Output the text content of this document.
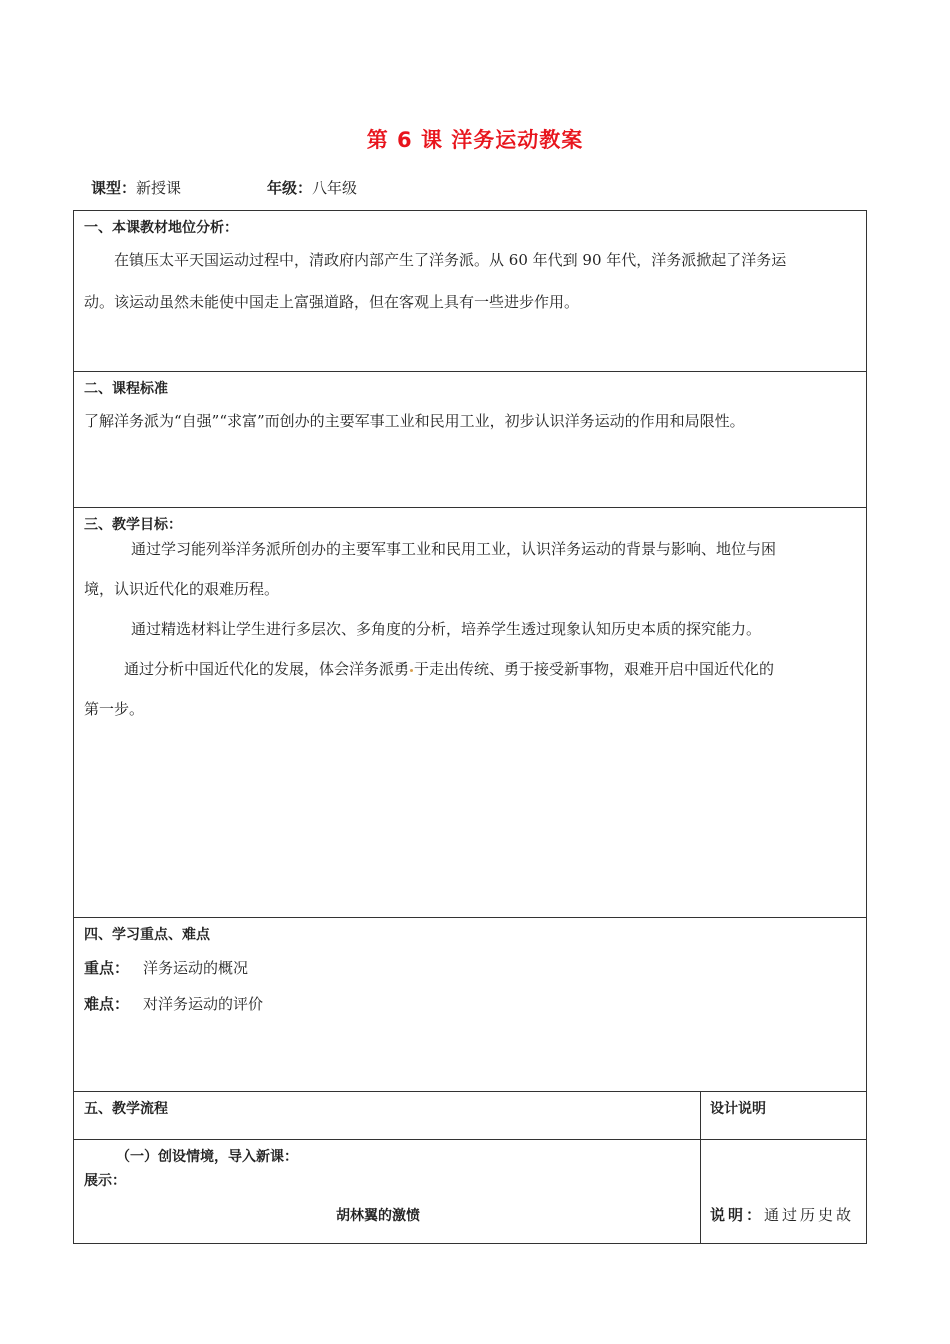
第 6 课 洋务运动教案
课型：新授课	年级：八年级
一、本课教材地位分析：
在镇压太平天国运动过程中，清政府内部产生了洋务派。从 60 年代到 90 年代，洋务派掀起了洋务运
动。该运动虽然未能使中国走上富强道路，但在客观上具有一些进步作用。
二、课程标准
了解洋务派为“自强”“求富”而创办的主要军事工业和民用工业，初步认识洋务运动的作用和局限性。
三、教学目标：
通过学习能列举洋务派所创办的主要军事工业和民用工业，认识洋务运动的背景与影响、地位与困
境，认识近代化的艰难历程。
通过精选材料让学生进行多层次、多角度的分析，培养学生透过现象认知历史本质的探究能力。
通过分析中国近代化的发展，体会洋务派勇 于走出传统、勇于接受新事物，艰难开启中国近代化的
第一步。
四、学习重点、难点
重点： 洋务运动的概况
难点： 对洋务运动的评价
五、教学流程	设计说明
（一）创设情境，导入新课：
展示：
胡林翼的激愤	说明：通过历史故
